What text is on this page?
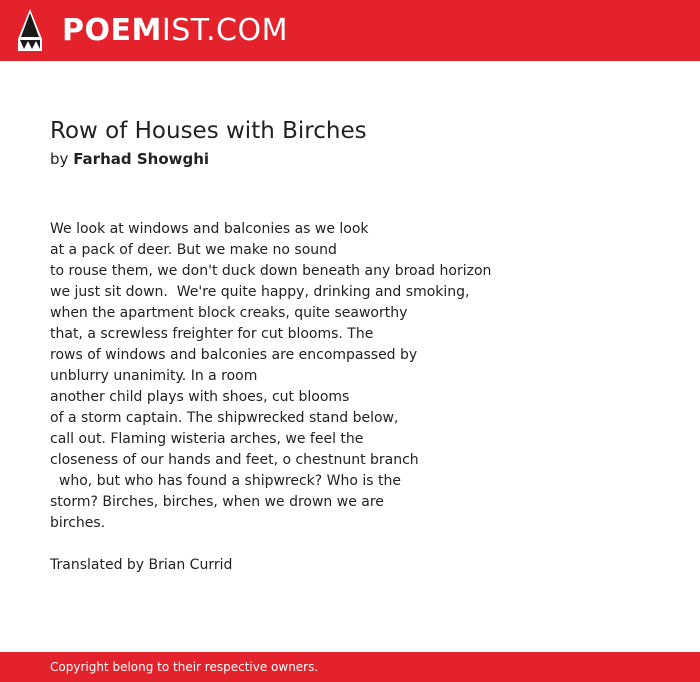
POEMIST.COM
Row of Houses with Birches
by Farhad Showghi
We look at windows and balconies as we look
at a pack of deer. But we make no sound
to rouse them, we don't duck down beneath any broad horizon
we just sit down.  We're quite happy, drinking and smoking,
when the apartment block creaks, quite seaworthy
that, a screwless freighter for cut blooms. The
rows of windows and balconies are encompassed by
unblurry unanimity. In a room
another child plays with shoes, cut blooms
of a storm captain. The shipwrecked stand below,
call out. Flaming wisteria arches, we feel the
closeness of our hands and feet, o chestnunt branch
who, but who has found a shipwreck? Who is the
storm? Birches, birches, when we drown we are
birches.
Translated by Brian Currid
Copyright belong to their respective owners.
